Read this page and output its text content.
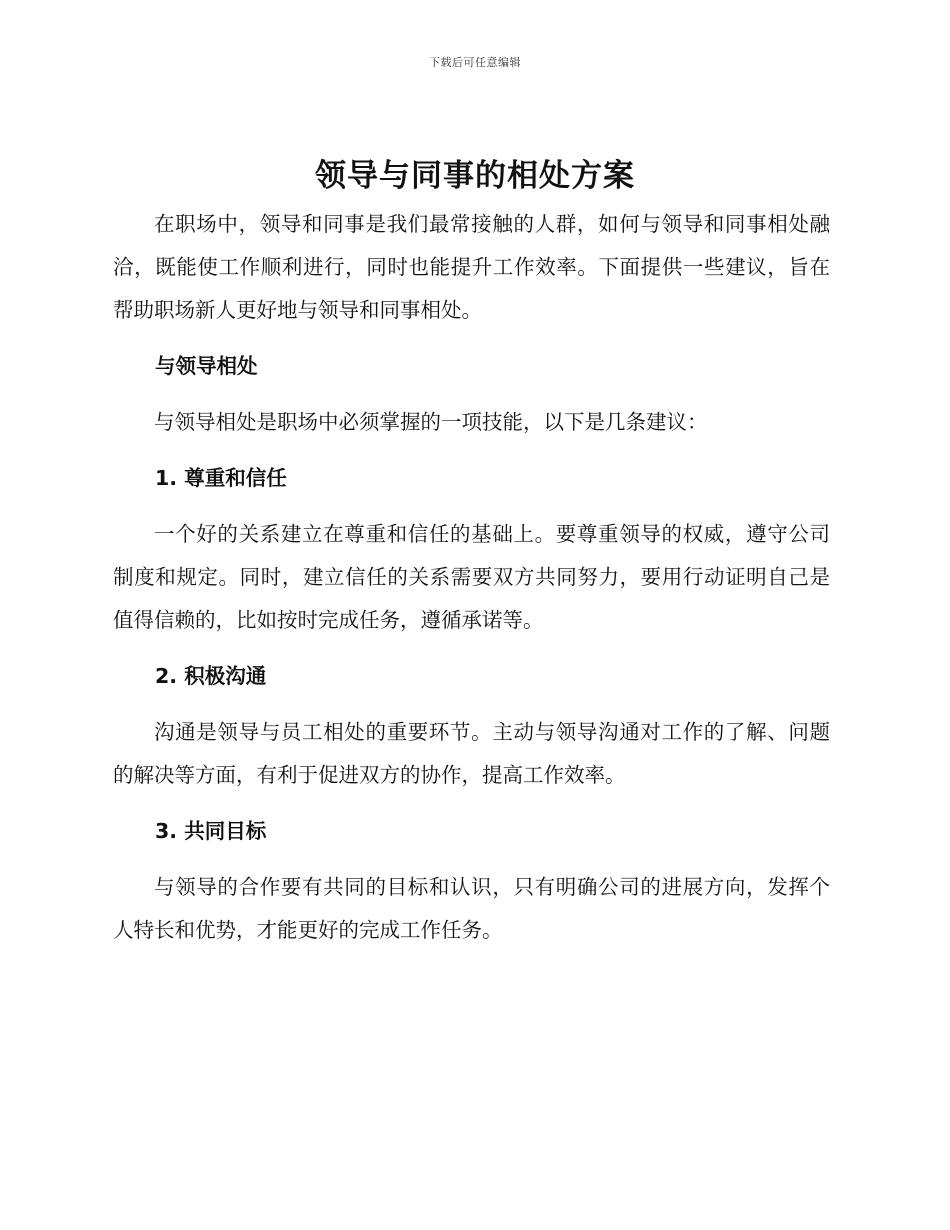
下载后可任意编辑
领导与同事的相处方案

在职场中，领导和同事是我们最常接触的人群，如何与领导和同事相处融洽，既能使工作顺利进行，同时也能提升工作效率。下面提供一些建议，旨在帮助职场新人更好地与领导和同事相处。

与领导相处

与领导相处是职场中必须掌握的一项技能，以下是几条建议：

1. 尊重和信任

一个好的关系建立在尊重和信任的基础上。要尊重领导的权威，遵守公司制度和规定。同时，建立信任的关系需要双方共同努力，要用行动证明自己是值得信赖的，比如按时完成任务，遵循承诺等。

2. 积极沟通

沟通是领导与员工相处的重要环节。主动与领导沟通对工作的了解、问题的解决等方面，有利于促进双方的协作，提高工作效率。

3. 共同目标

与领导的合作要有共同的目标和认识，只有明确公司的进展方向，发挥个人特长和优势，才能更好的完成工作任务。
